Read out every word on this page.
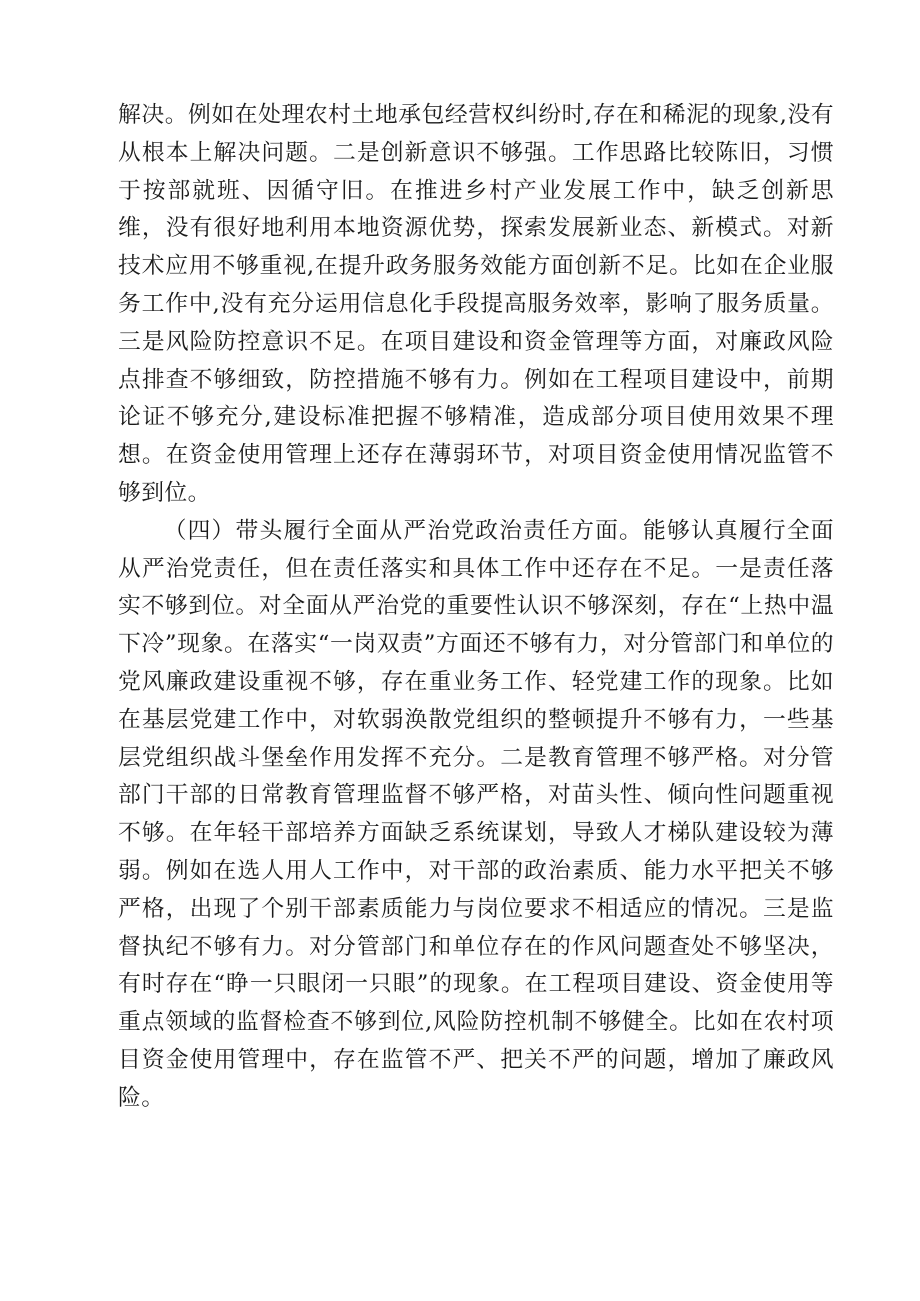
解决。例如在处理农村土地承包经营权纠纷时,存在和稀泥的现象,没有从根本上解决问题。二是创新意识不够强。工作思路比较陈旧，习惯于按部就班、因循守旧。在推进乡村产业发展工作中，缺乏创新思维，没有很好地利用本地资源优势，探索发展新业态、新模式。对新技术应用不够重视,在提升政务服务效能方面创新不足。比如在企业服务工作中,没有充分运用信息化手段提高服务效率，影响了服务质量。三是风险防控意识不足。在项目建设和资金管理等方面，对廉政风险点排查不够细致，防控措施不够有力。例如在工程项目建设中，前期论证不够充分,建设标准把握不够精准，造成部分项目使用效果不理想。在资金使用管理上还存在薄弱环节，对项目资金使用情况监管不够到位。

（四）带头履行全面从严治党政治责任方面。能够认真履行全面从严治党责任，但在责任落实和具体工作中还存在不足。一是责任落实不够到位。对全面从严治党的重要性认识不够深刻，存在“上热中温下冷”现象。在落实“一岗双责”方面还不够有力，对分管部门和单位的党风廉政建设重视不够，存在重业务工作、轻党建工作的现象。比如在基层党建工作中，对软弱涣散党组织的整顿提升不够有力，一些基层党组织战斗堡垒作用发挥不充分。二是教育管理不够严格。对分管部门干部的日常教育管理监督不够严格，对苗头性、倾向性问题重视不够。在年轻干部培养方面缺乏系统谋划，导致人才梯队建设较为薄弱。例如在选人用人工作中，对干部的政治素质、能力水平把关不够严格，出现了个别干部素质能力与岗位要求不相适应的情况。三是监督执纪不够有力。对分管部门和单位存在的作风问题查处不够坚决，有时存在“睁一只眼闭一只眼”的现象。在工程项目建设、资金使用等重点领域的监督检查不够到位,风险防控机制不够健全。比如在农村项目资金使用管理中，存在监管不严、把关不严的问题，增加了廉政风险。
